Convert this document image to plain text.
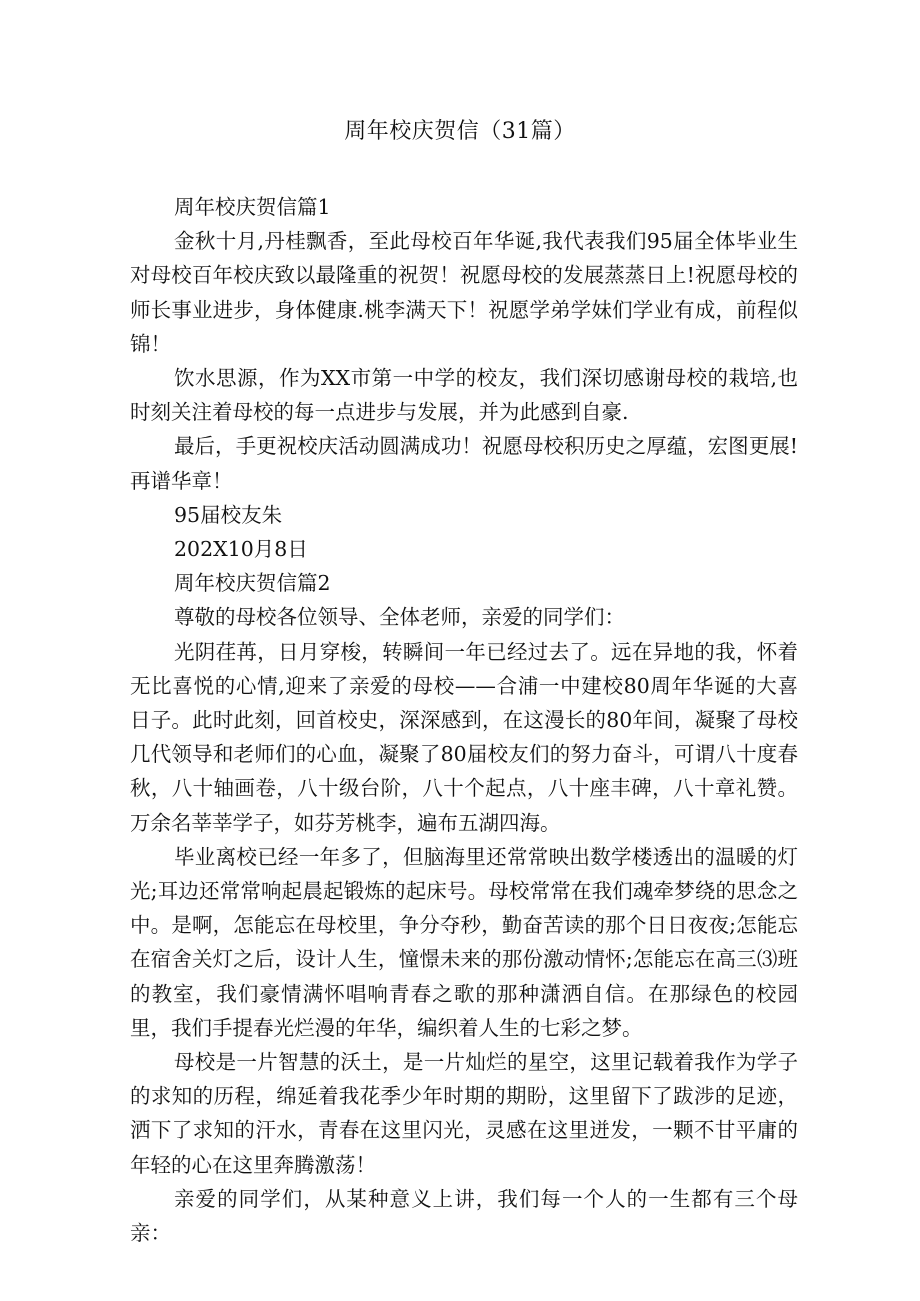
周年校庆贺信（31篇）

周年校庆贺信篇1

金秋十月,丹桂飘香，至此母校百年华诞,我代表我们95届全体毕业生对母校百年校庆致以最隆重的祝贺！祝愿母校的发展蒸蒸日上!祝愿母校的师长事业进步，身体健康.桃李满天下！祝愿学弟学妹们学业有成，前程似锦！

饮水思源，作为XX市第一中学的校友，我们深切感谢母校的栽培,也时刻关注着母校的每一点进步与发展，并为此感到自豪.

最后，手更祝校庆活动圆满成功！祝愿母校积历史之厚蕴，宏图更展!再谱华章！

95届校友朱

202X10月8日

周年校庆贺信篇2

尊敬的母校各位领导、全体老师，亲爱的同学们：

光阴荏苒，日月穿梭，转瞬间一年已经过去了。远在异地的我，怀着无比喜悦的心情,迎来了亲爱的母校——合浦一中建校80周年华诞的大喜日子。此时此刻，回首校史，深深感到，在这漫长的80年间，凝聚了母校几代领导和老师们的心血，凝聚了80届校友们的努力奋斗，可谓八十度春秋，八十轴画卷，八十级台阶，八十个起点，八十座丰碑，八十章礼赞。万余名莘莘学子，如芬芳桃李，遍布五湖四海。

毕业离校已经一年多了，但脑海里还常常映出数学楼透出的温暖的灯光;耳边还常常响起晨起锻炼的起床号。母校常常在我们魂牵梦绕的思念之中。是啊，怎能忘在母校里，争分夺秒，勤奋苦读的那个日日夜夜;怎能忘在宿舍关灯之后，设计人生，憧憬未来的那份激动情怀;怎能忘在高三⑶班的教室，我们豪情满怀唱响青春之歌的那种潇洒自信。在那绿色的校园里，我们手提春光烂漫的年华，编织着人生的七彩之梦。

母校是一片智慧的沃土，是一片灿烂的星空，这里记载着我作为学子的求知的历程，绵延着我花季少年时期的期盼，这里留下了跋涉的足迹，洒下了求知的汗水，青春在这里闪光，灵感在这里迸发，一颗不甘平庸的年轻的心在这里奔腾激荡！

亲爱的同学们，从某种意义上讲，我们每一个人的一生都有三个母亲：
